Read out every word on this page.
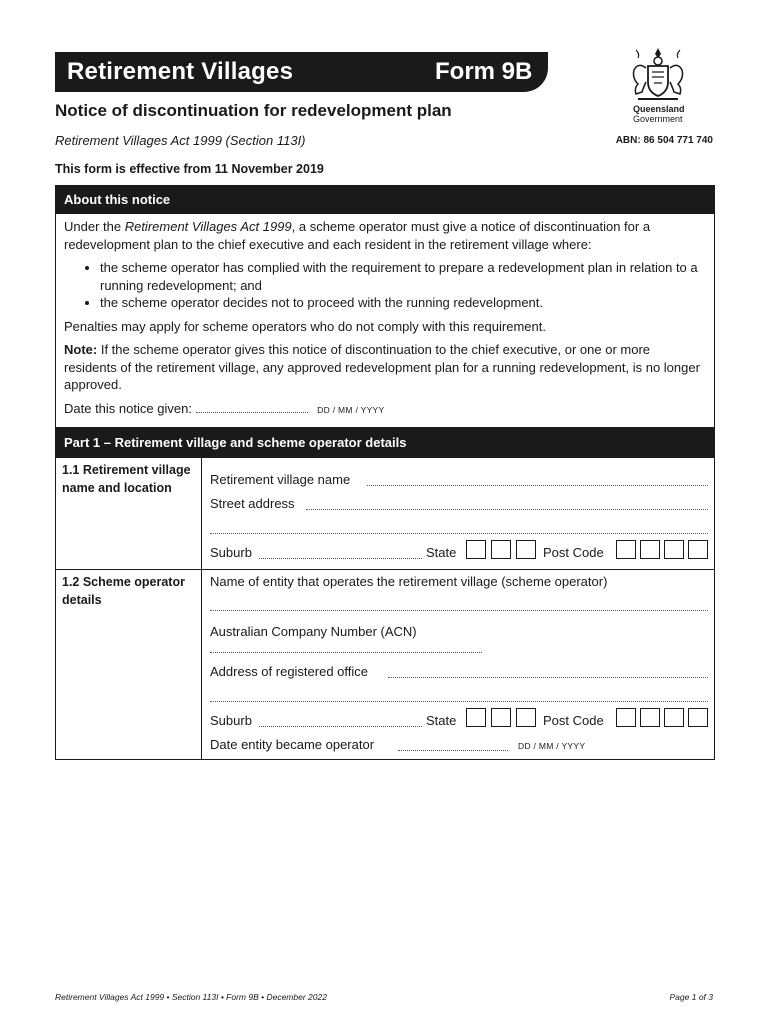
Retirement Villages	Form 9B
Notice of discontinuation for redevelopment plan
Retirement Villages Act 1999 (Section 113I)
This form is effective from 11 November 2019
Queensland
Government
ABN: 86 504 771 740
About this notice

Under the Retirement Villages Act 1999, a scheme operator must give a notice of discontinuation for a redevelopment plan to the chief executive and each resident in the retirement village where:

• the scheme operator has complied with the requirement to prepare a redevelopment plan in relation to a running redevelopment; and
• the scheme operator decides not to proceed with the running redevelopment.

Penalties may apply for scheme operators who do not comply with this requirement.

Note: If the scheme operator gives this notice of discontinuation to the chief executive, or one or more residents of the retirement village, any approved redevelopment plan for a running redevelopment, is no longer approved.

Date this notice given:	DD / MM / YYYY
Part 1 – Retirement village and scheme operator details
1.1 Retirement village name and location
Retirement village name
Street address
Suburb	State	Post Code
1.2 Scheme operator details
Name of entity that operates the retirement village (scheme operator)
Australian Company Number (ACN)
Address of registered office
Suburb	State	Post Code
Date entity became operator	DD / MM / YYYY
Retirement Villages Act 1999 • Section 113I • Form 9B • December 2022	Page 1 of 3
